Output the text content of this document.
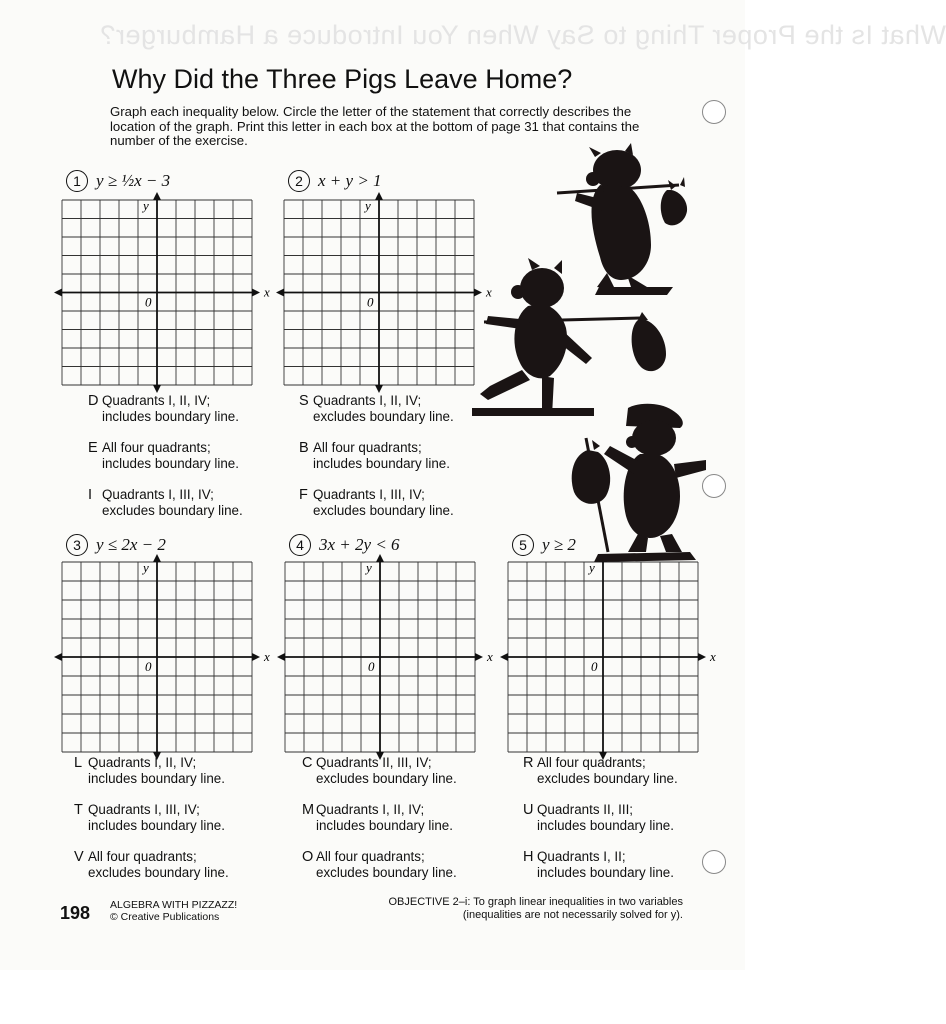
What Is the Proper Thing to Say When You Introduce a Hamburger?
Why Did the Three Pigs Leave Home?
Graph each inequality below. Circle the letter of the statement that correctly describes the location of the graph. Print this letter in each box at the bottom of page 31 that contains the number of the exercise.
1 y ≥ ½x − 3
x
y
0
2 x + y > 1
x
y
0
D Quadrants I, II, IV;
includes boundary line.
E All four quadrants;
includes boundary line.
I Quadrants I, III, IV;
excludes boundary line.
S Quadrants I, II, IV;
excludes boundary line.
B All four quadrants;
includes boundary line.
F Quadrants I, III, IV;
excludes boundary line.
3 y ≤ 2x − 2
x
y
0
4 3x + 2y < 6
x
y
0
5 y ≥ 2
x
y
0
L Quadrants I, II, IV;
includes boundary line.
T Quadrants I, III, IV;
includes boundary line.
V All four quadrants;
excludes boundary line.
C Quadrants II, III, IV;
excludes boundary line.
M Quadrants I, II, IV;
includes boundary line.
O All four quadrants;
excludes boundary line.
R All four quadrants;
excludes boundary line.
U Quadrants II, III;
includes boundary line.
H Quadrants I, II;
includes boundary line.
198 ALGEBRA WITH PIZZAZZ!
© Creative Publications
OBJECTIVE 2–i: To graph linear inequalities in two variables
(inequalities are not necessarily solved for y).
